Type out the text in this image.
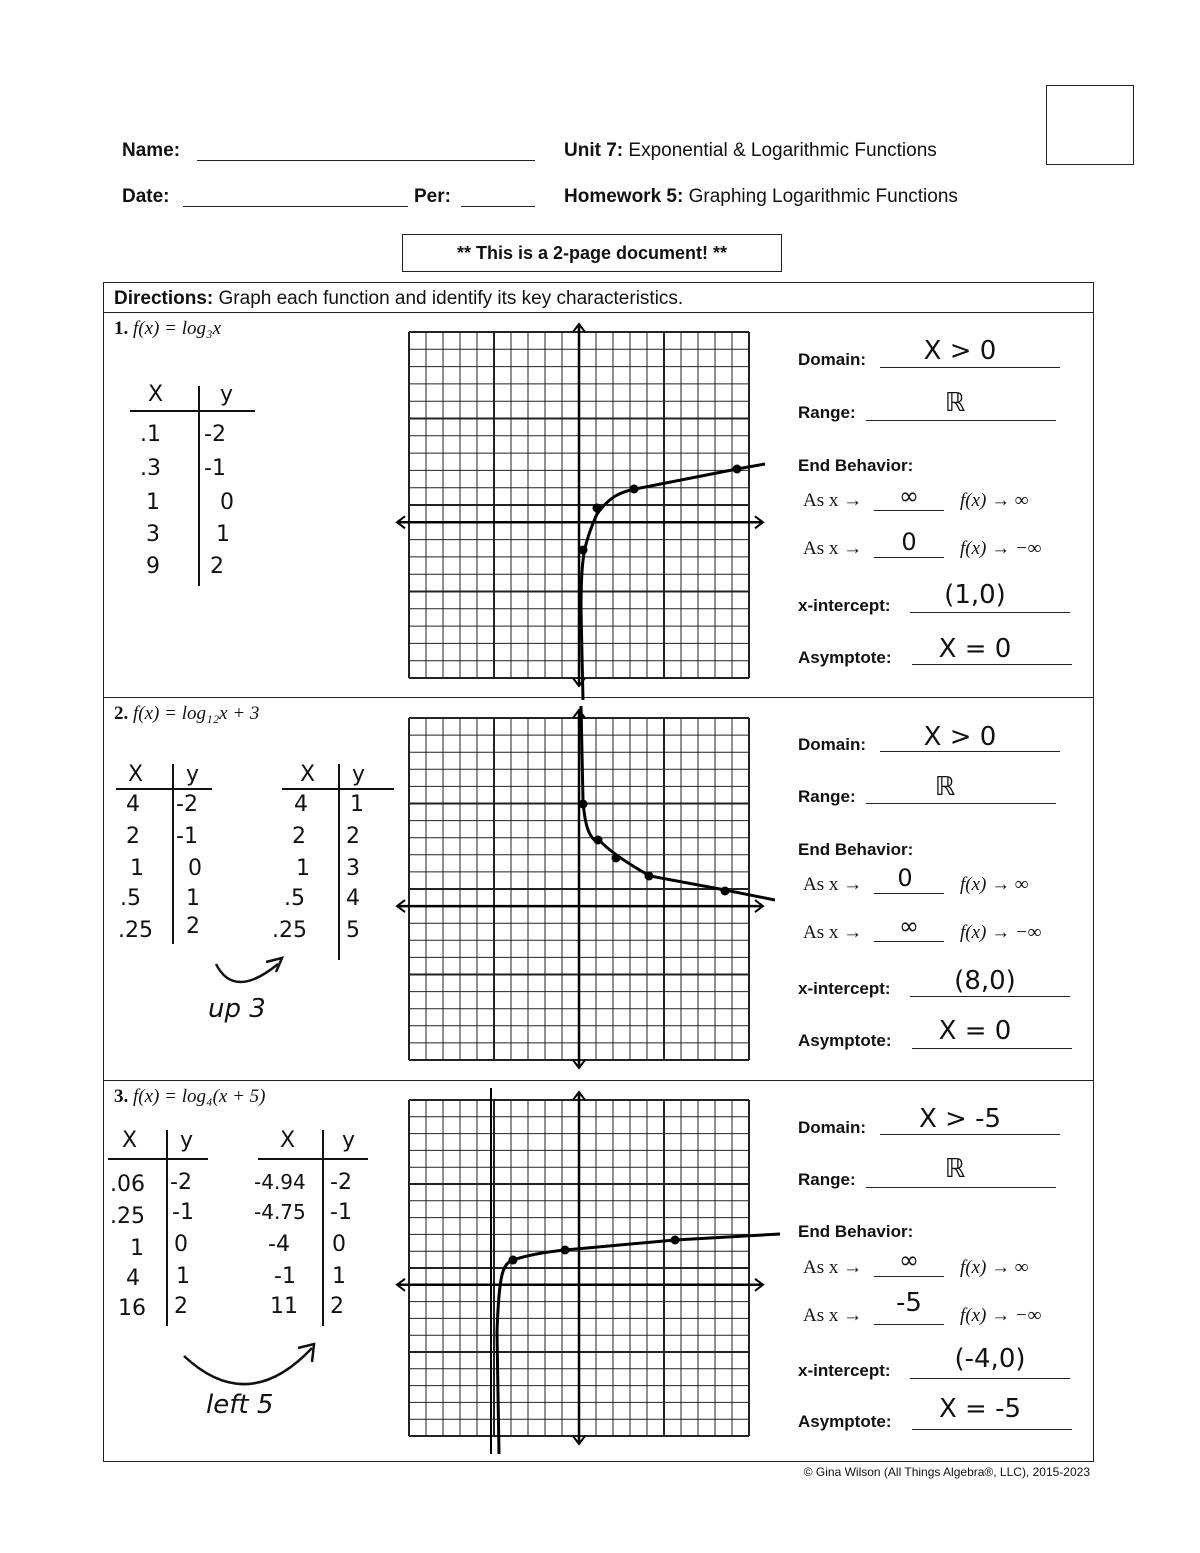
Name:
Date:	Per:
Unit 7: Exponential & Logarithmic Functions
Homework 5: Graphing Logarithmic Functions
** This is a 2-page document! **
Directions: Graph each function and identify its key characteristics.
1. f(x) = log₃x
X	y
.1 -2
.3 -1
1	0
3	1
9 2
2. f(x) = log₁₂x + 3
X y
4 -2
2 -1
1 0
.5 1
.25 2
X y
4 1
2 2
1 3
.5 4
.25 5
up 3
3. f(x) = log₄(x + 5)
X y
.06 -2
.25 -1
1 0
4 1
16 2
X y
-4.94 -2
-4.75 -1
-4 0
-1 1
11 2
left 5
Domain:	X > 0
Range:	ℝ
End Behavior:
As x →	∞	f(x) → ∞
As x →	0	f(x) → −∞
x-intercept:	(1,0)
Asymptote:	X = 0
Domain:	X > 0
Range:	ℝ
End Behavior:
As x →	0	f(x) → ∞
As x →	∞	f(x) → −∞
x-intercept:	(8,0)
Asymptote:	X = 0
Domain:	X > -5
Range:	ℝ
End Behavior:
As x →	∞	f(x) → ∞
As x →	-5	f(x) → −∞
x-intercept:	(-4,0)
Asymptote:	X = -5
© Gina Wilson (All Things Algebra®, LLC), 2015-2023
